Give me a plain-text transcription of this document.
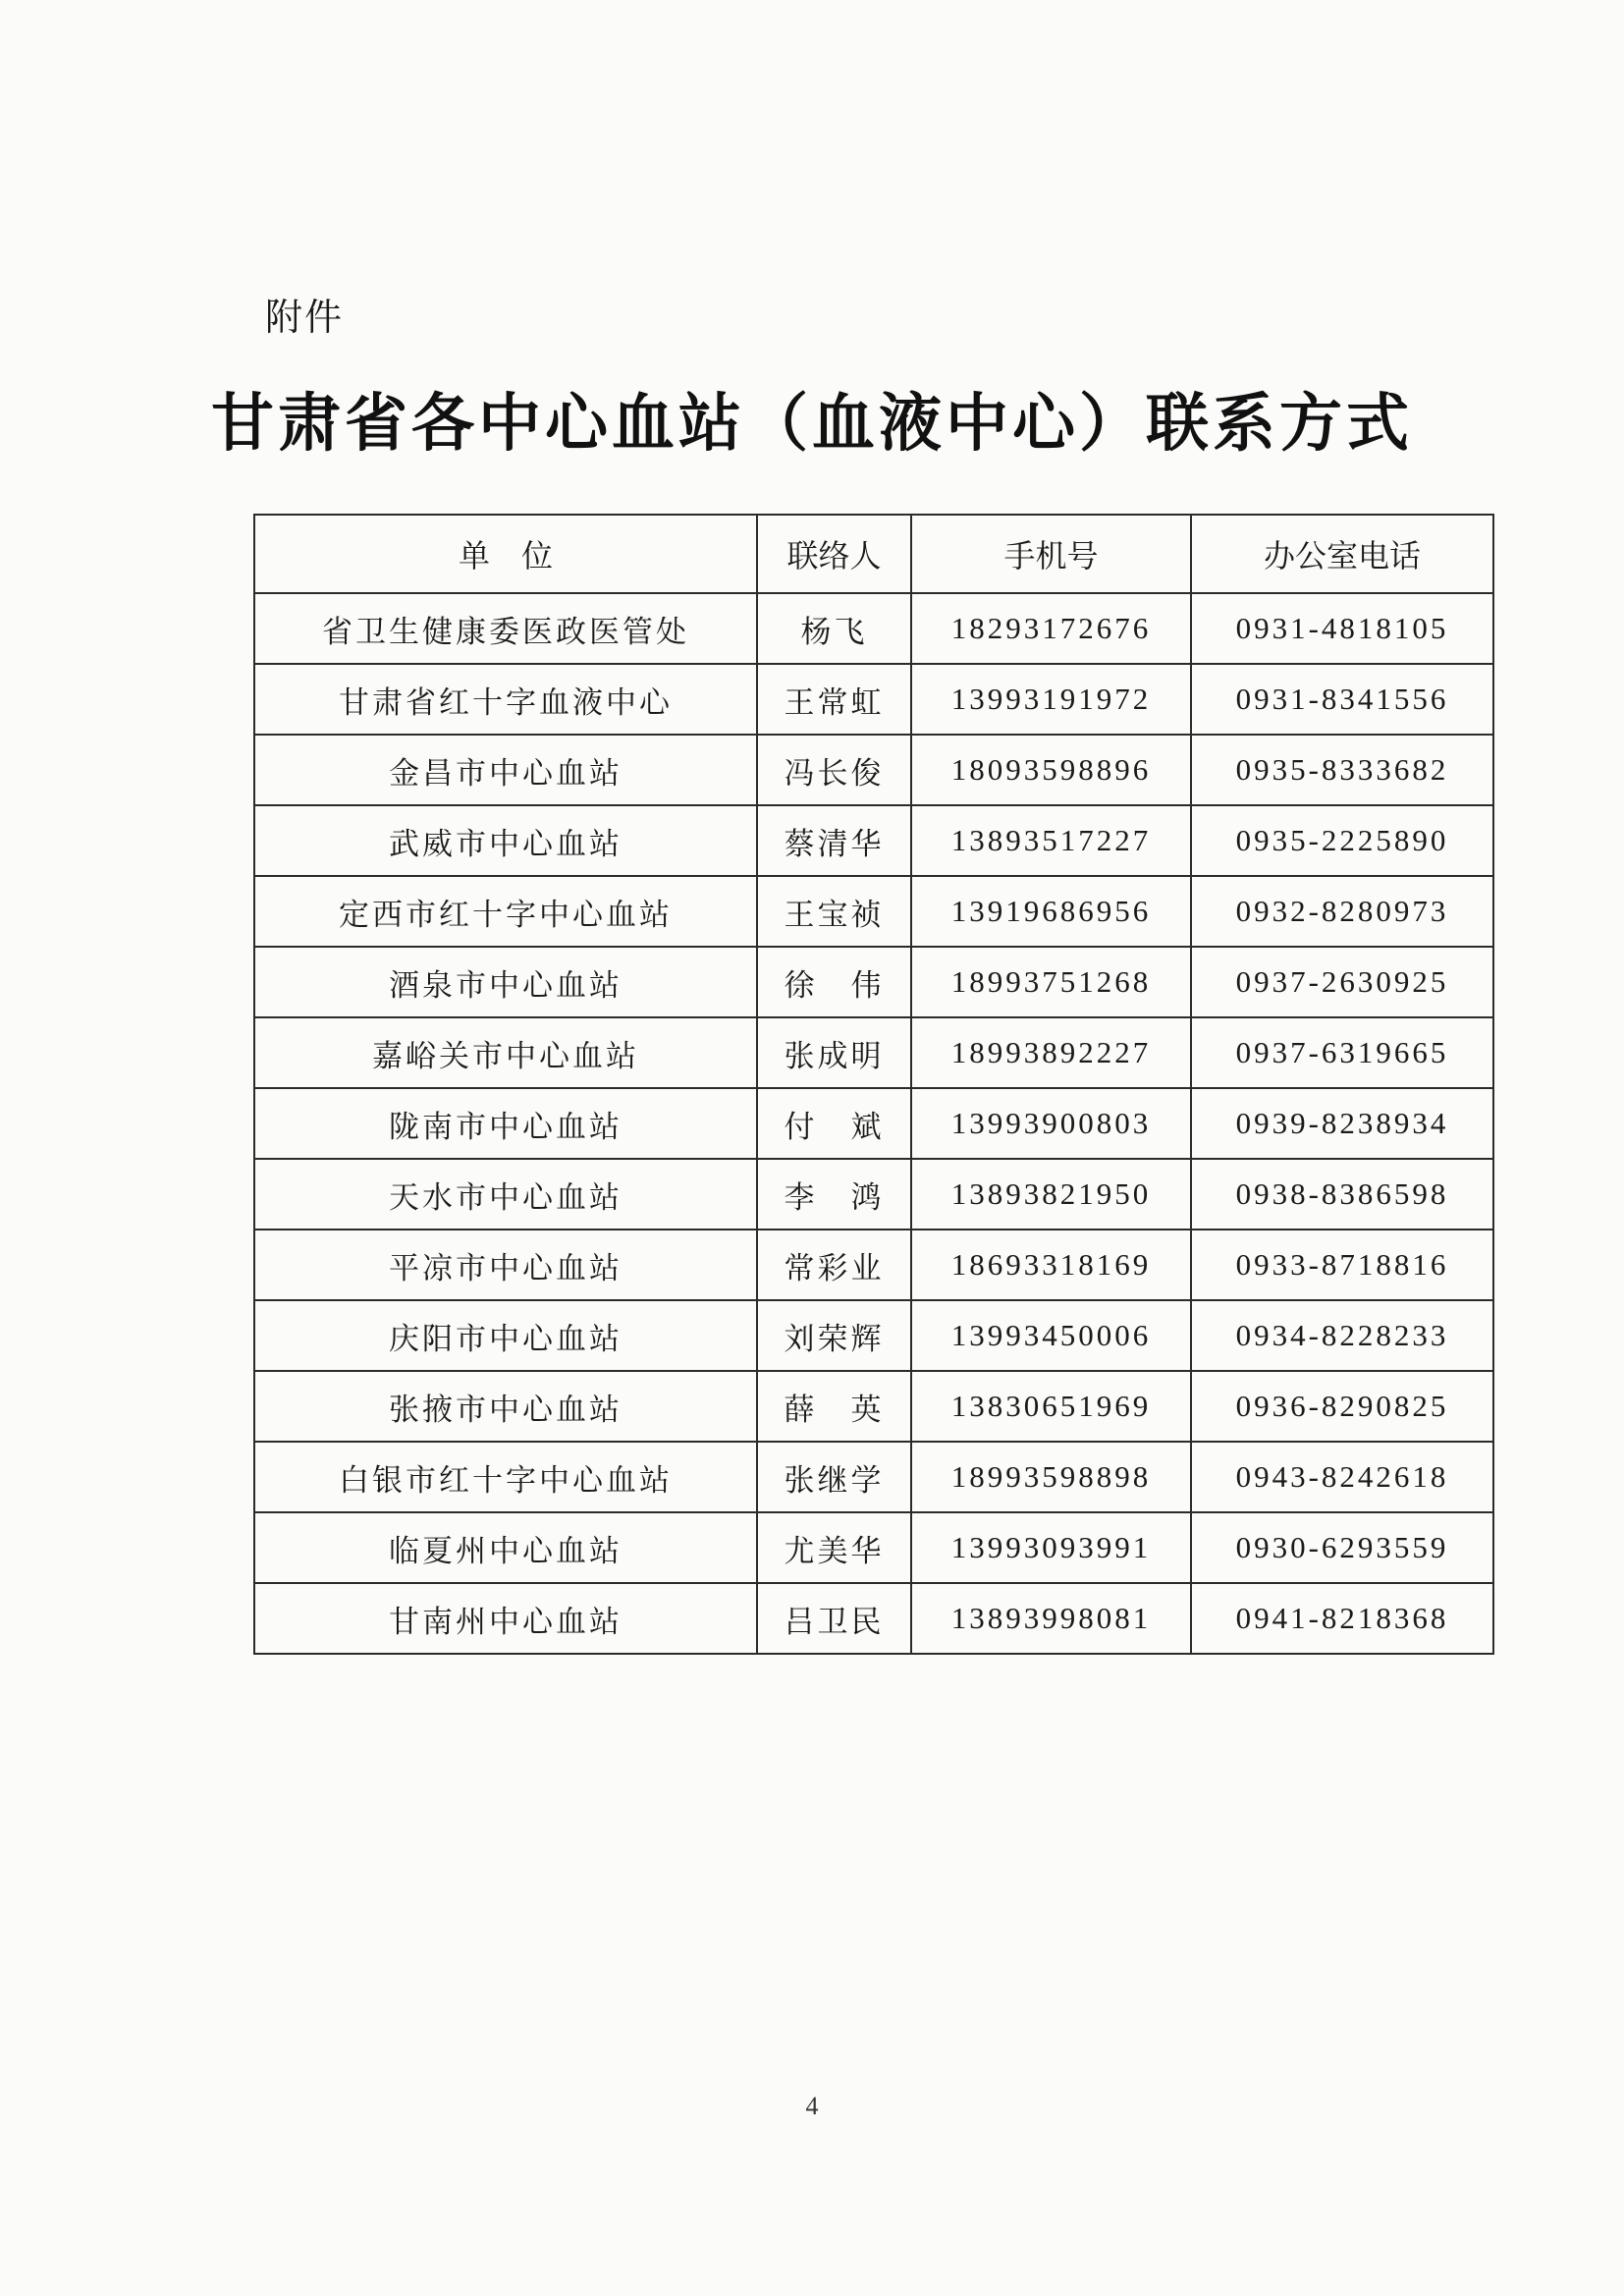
附件
甘肃省各中心血站（血液中心）联系方式
单　位	联络人	手机号	办公室电话
省卫生健康委医政医管处	杨飞	18293172676	0931-4818105
甘肃省红十字血液中心	王常虹	13993191972	0931-8341556
金昌市中心血站	冯长俊	18093598896	0935-8333682
武威市中心血站	蔡清华	13893517227	0935-2225890
定西市红十字中心血站	王宝祯	13919686956	0932-8280973
酒泉市中心血站	徐　伟	18993751268	0937-2630925
嘉峪关市中心血站	张成明	18993892227	0937-6319665
陇南市中心血站	付　斌	13993900803	0939-8238934
天水市中心血站	李　鸿	13893821950	0938-8386598
平凉市中心血站	常彩业	18693318169	0933-8718816
庆阳市中心血站	刘荣辉	13993450006	0934-8228233
张掖市中心血站	薛　英	13830651969	0936-8290825
白银市红十字中心血站	张继学	18993598898	0943-8242618
临夏州中心血站	尤美华	13993093991	0930-6293559
甘南州中心血站	吕卫民	13893998081	0941-8218368
4
